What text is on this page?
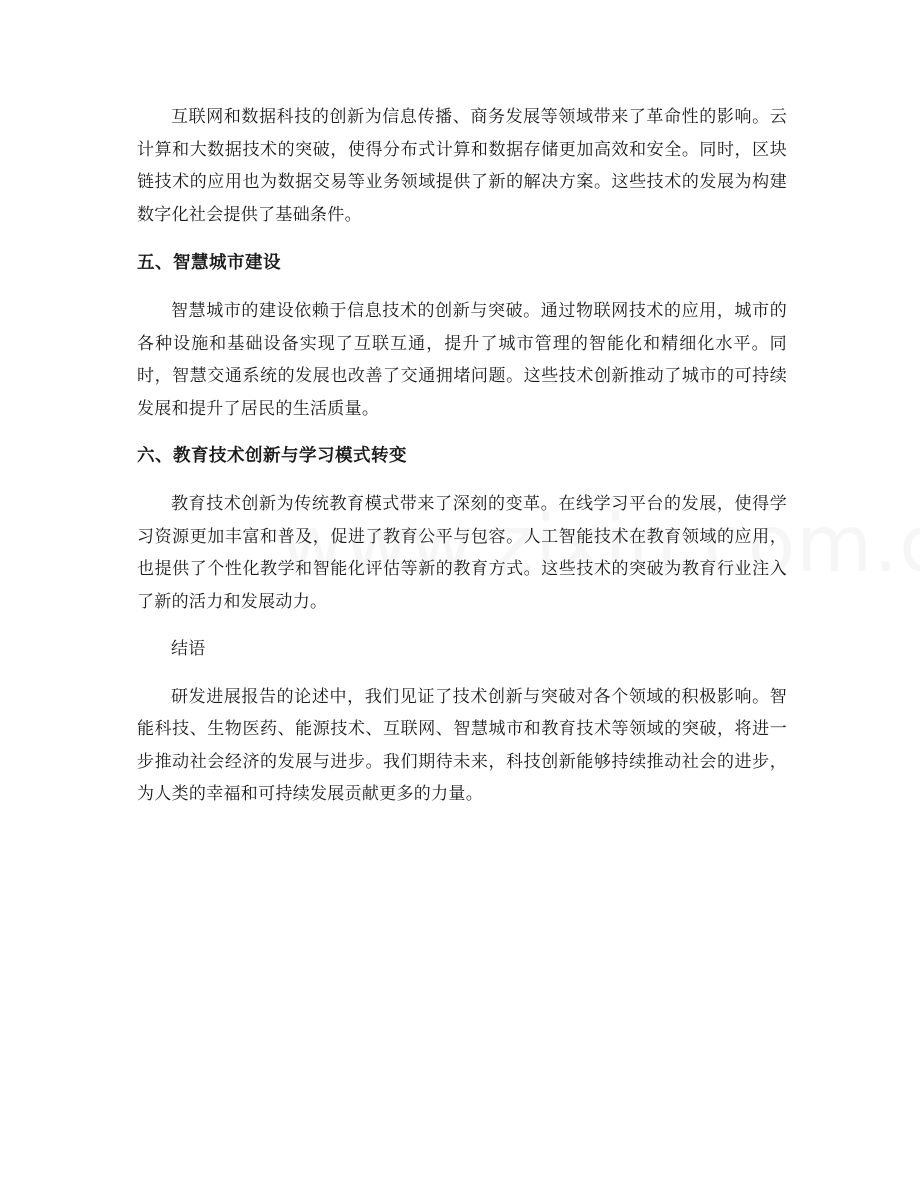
互联网和数据科技的创新为信息传播、商务发展等领域带来了革命性的影响。云计算和大数据技术的突破，使得分布式计算和数据存储更加高效和安全。同时，区块链技术的应用也为数据交易等业务领域提供了新的解决方案。这些技术的发展为构建数字化社会提供了基础条件。

五、智慧城市建设

智慧城市的建设依赖于信息技术的创新与突破。通过物联网技术的应用，城市的各种设施和基础设备实现了互联互通，提升了城市管理的智能化和精细化水平。同时，智慧交通系统的发展也改善了交通拥堵问题。这些技术创新推动了城市的可持续发展和提升了居民的生活质量。

六、教育技术创新与学习模式转变

教育技术创新为传统教育模式带来了深刻的变革。在线学习平台的发展，使得学习资源更加丰富和普及，促进了教育公平与包容。人工智能技术在教育领域的应用，也提供了个性化教学和智能化评估等新的教育方式。这些技术的突破为教育行业注入了新的活力和发展动力。

结语

研发进展报告的论述中，我们见证了技术创新与突破对各个领域的积极影响。智能科技、生物医药、能源技术、互联网、智慧城市和教育技术等领域的突破，将进一步推动社会经济的发展与进步。我们期待未来，科技创新能够持续推动社会的进步，为人类的幸福和可持续发展贡献更多的力量。
